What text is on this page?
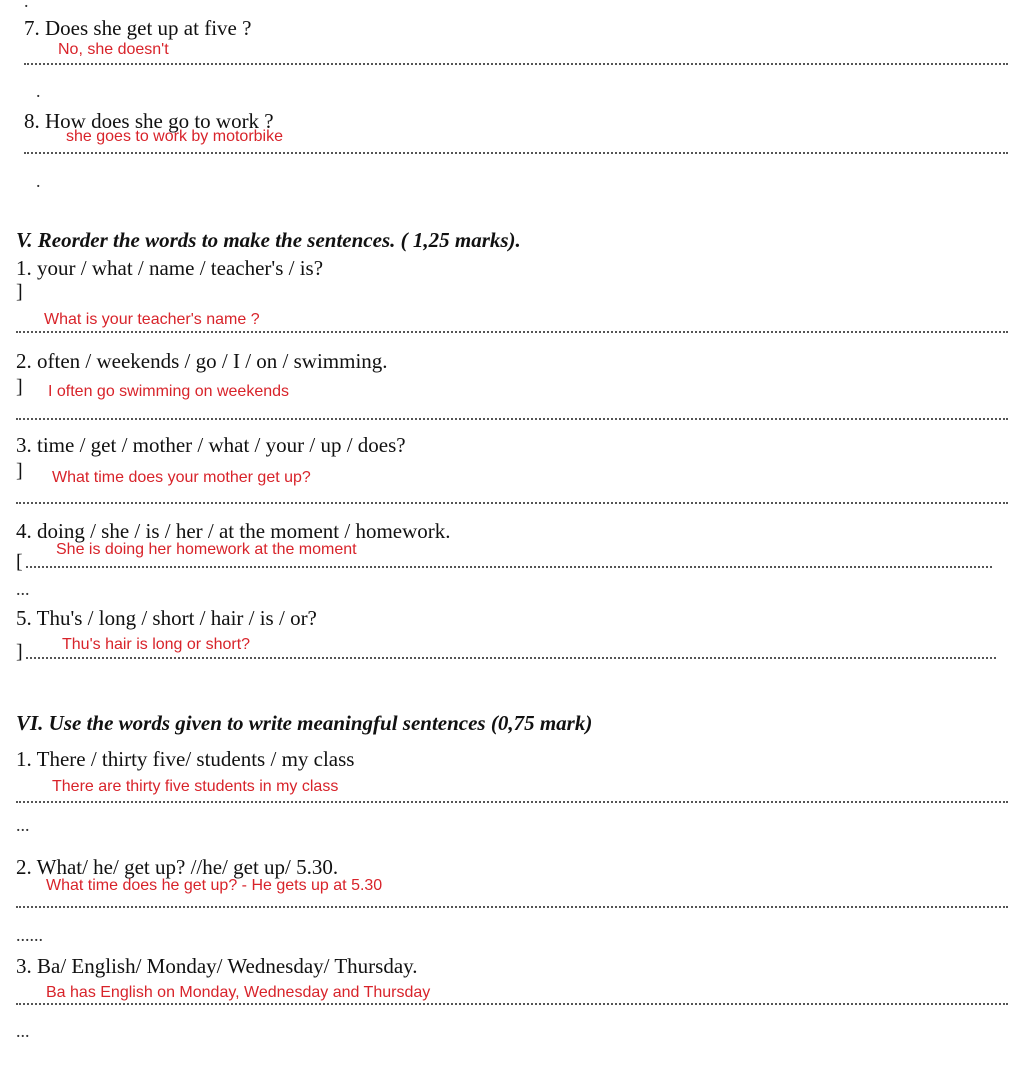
.
7. Does she get up at five ?
No, she doesn't
.
8. How does she go to work ?
she goes to work by motorbike
.
V. Reorder the words to make the sentences. ( 1,25 marks).
1. your / what / name / teacher's / is?
]
What is your teacher's name ?
2. often / weekends / go / I / on / swimming.
] I often go swimming on weekends
3. time / get / mother / what / your / up / does?
] What time does your mother get up?
4. doing / she / is / her / at the moment / homework.
[
She is doing her homework at the moment
...
5. Thu's / long / short / hair / is / or?
] Thu's hair is long or short?
VI. Use the words given to write meaningful sentences (0,75 mark)
1. There / thirty five/ students / my class
There are thirty five students in my class
...
2. What/ he/ get up? //he/ get up/ 5.30.
What time does he get up? - He gets up at 5.30
......
3. Ba/ English/ Monday/ Wednesday/ Thursday.
Ba has English on Monday, Wednesday and Thursday
...
